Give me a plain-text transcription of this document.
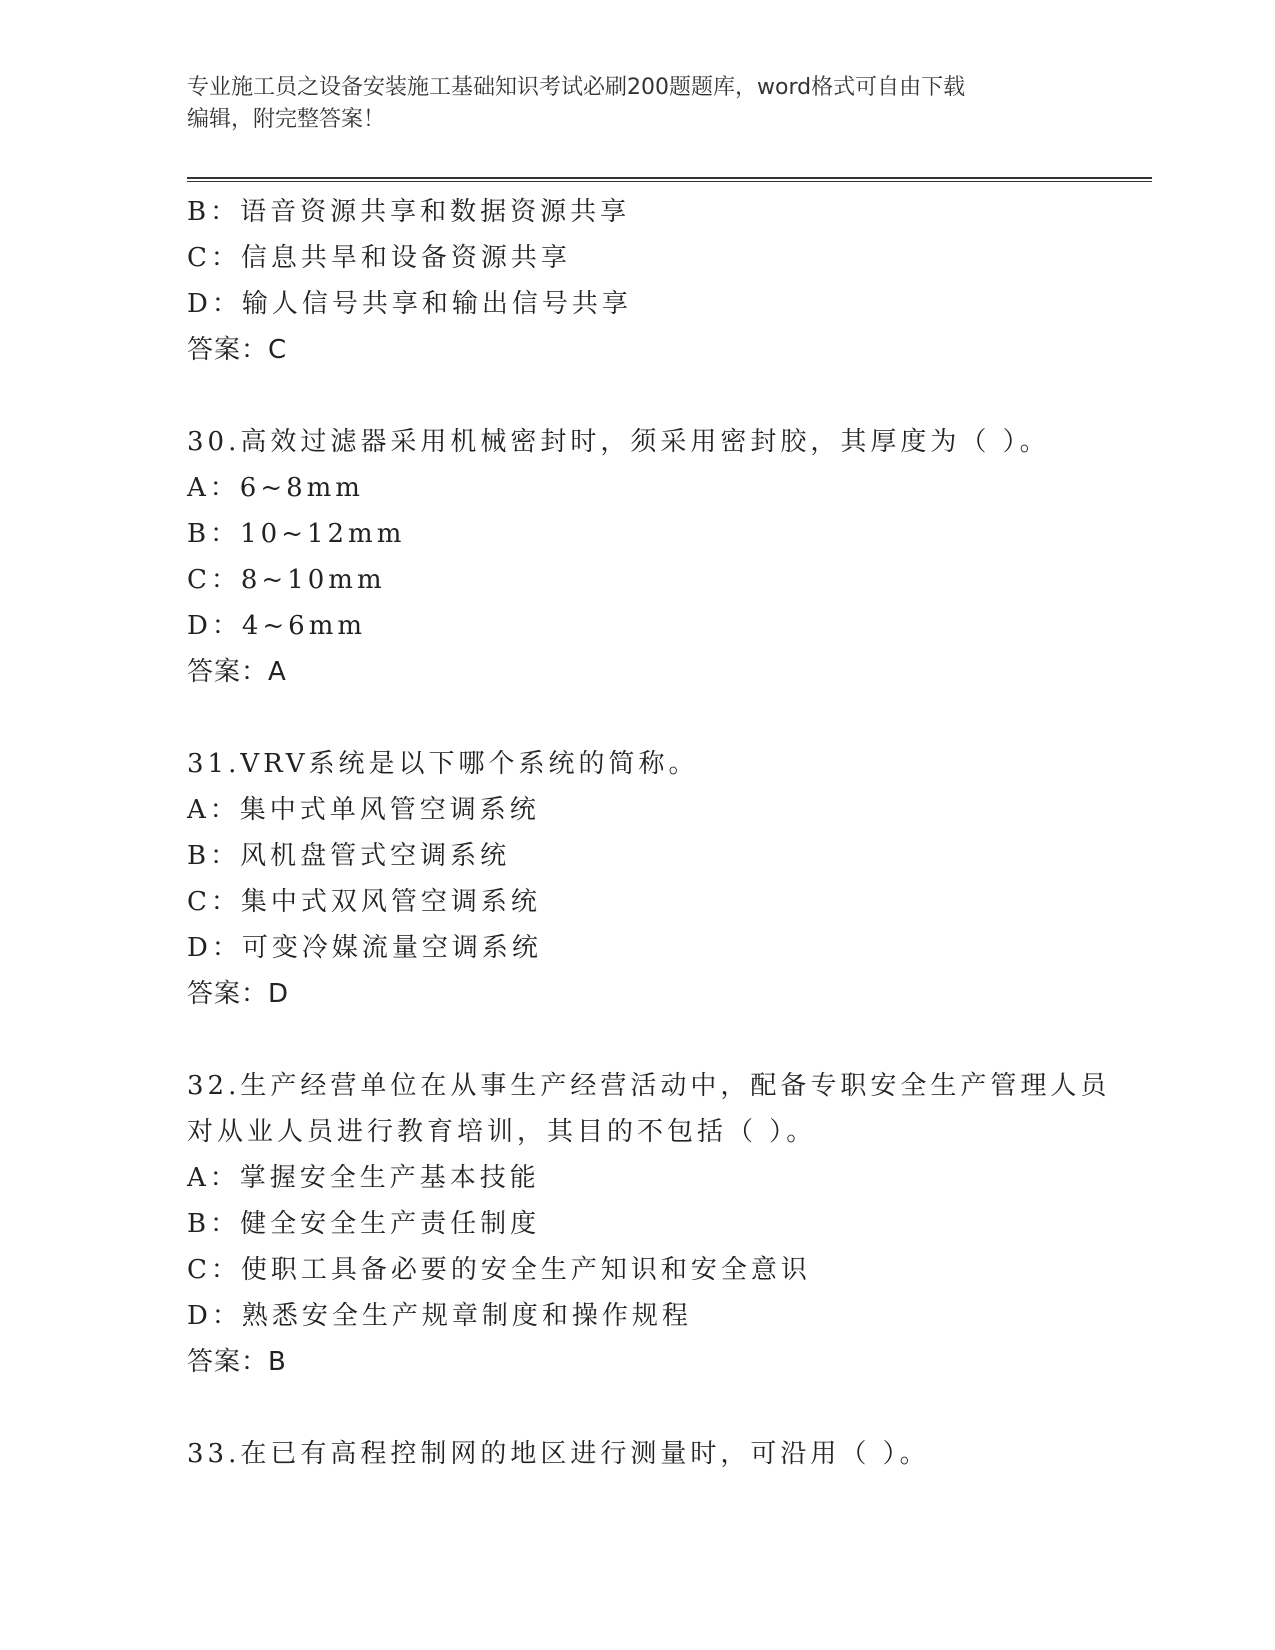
专业施工员之设备安装施工基础知识考试必刷200题题库，word格式可自由下载
编辑，附完整答案！
B：语音资源共享和数据资源共享
C：信息共旱和设备资源共享
D：输人信号共享和输出信号共享
答案：C
30.高效过滤器采用机械密封时，须采用密封胶，其厚度为（ ）。
A：6~8mm
B：10~12mm
C：8~10mm
D：4~6mm
答案：A
31.VRV系统是以下哪个系统的简称。
A：集中式单风管空调系统
B：风机盘管式空调系统
C：集中式双风管空调系统
D：可变冷媒流量空调系统
答案：D
32.生产经营单位在从事生产经营活动中，配备专职安全生产管理人员
对从业人员进行教育培训，其目的不包括（ ）。
A：掌握安全生产基本技能
B：健全安全生产责任制度
C：使职工具备必要的安全生产知识和安全意识
D：熟悉安全生产规章制度和操作规程
答案：B
33.在已有高程控制网的地区进行测量时，可沿用（ ）。
